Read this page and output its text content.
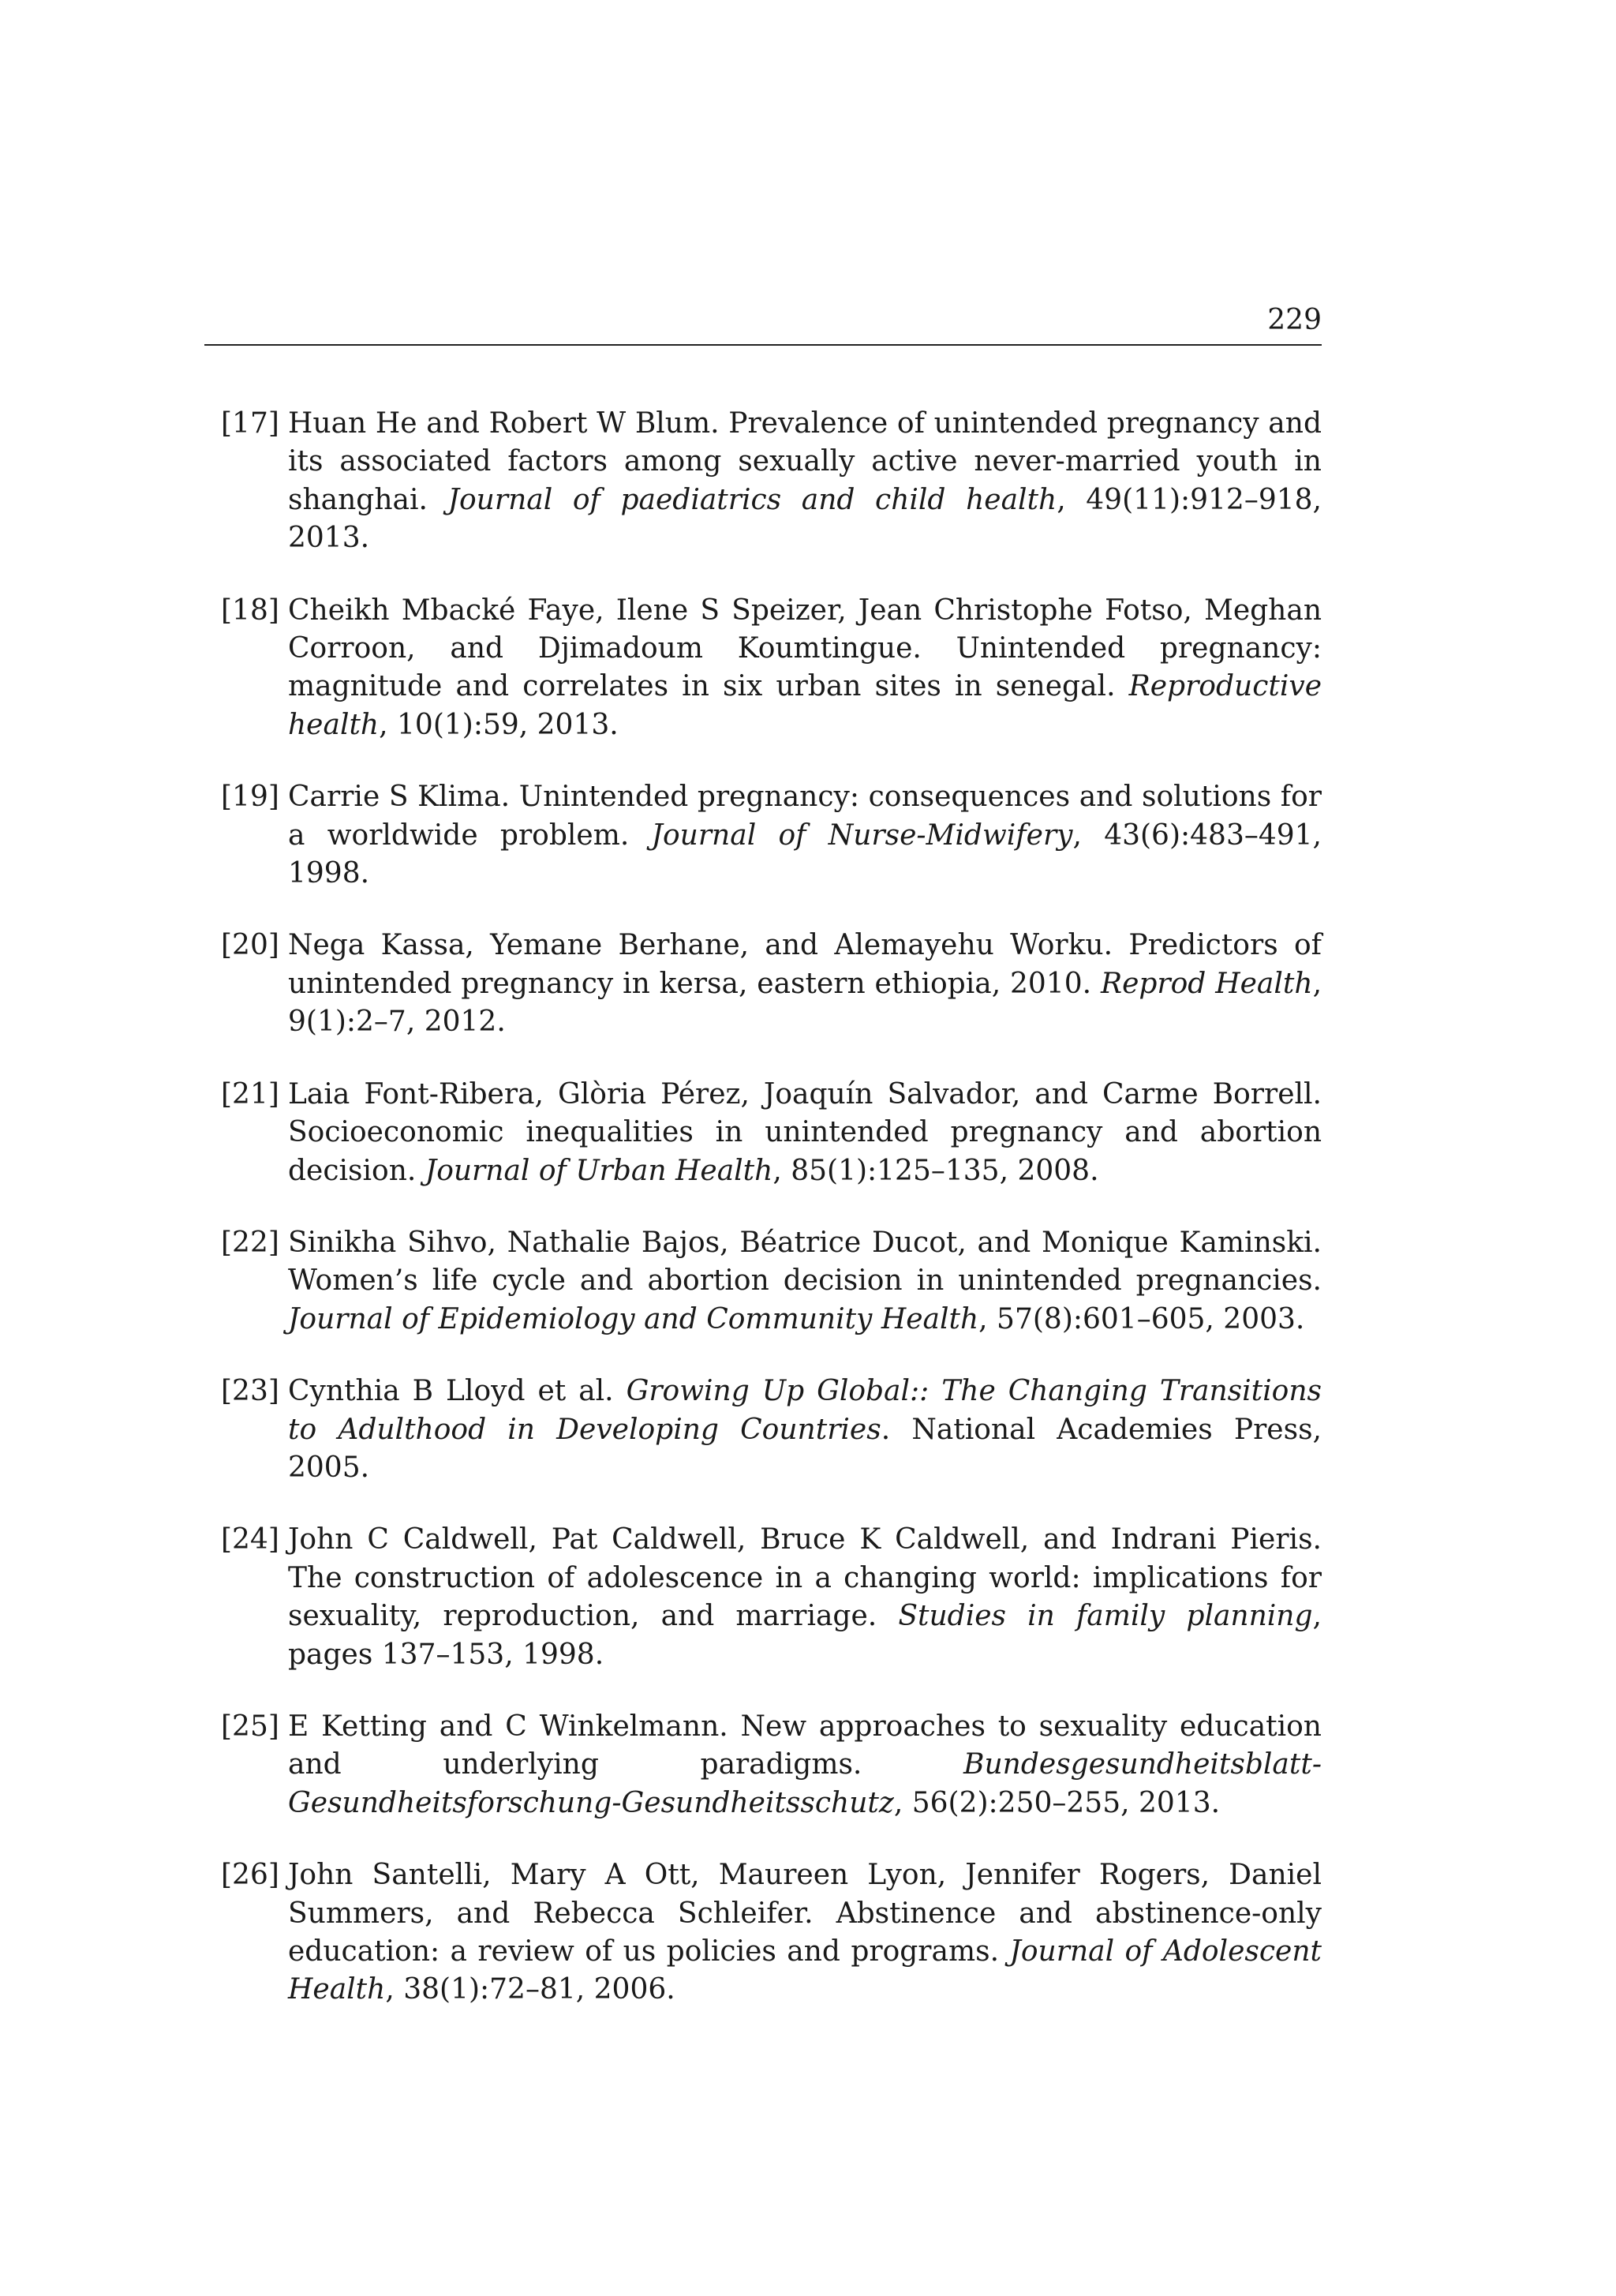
229
[17] Huan He and Robert W Blum. Prevalence of unintended pregnancy and its associated factors among sexually active never-married youth in shanghai. Journal of paediatrics and child health, 49(11):912–918, 2013.
[18] Cheikh Mbacké Faye, Ilene S Speizer, Jean Christophe Fotso, Meghan Corroon, and Djimadoum Koumtingue. Unintended pregnancy: magnitude and correlates in six urban sites in senegal. Reproductive health, 10(1):59, 2013.
[19] Carrie S Klima. Unintended pregnancy: consequences and solutions for a worldwide problem. Journal of Nurse-Midwifery, 43(6):483–491, 1998.
[20] Nega Kassa, Yemane Berhane, and Alemayehu Worku. Predictors of unintended pregnancy in kersa, eastern ethiopia, 2010. Reprod Health, 9(1):2–7, 2012.
[21] Laia Font-Ribera, Glòria Pérez, Joaquín Salvador, and Carme Borrell. Socioeconomic inequalities in unintended pregnancy and abortion decision. Journal of Urban Health, 85(1):125–135, 2008.
[22] Sinikha Sihvo, Nathalie Bajos, Béatrice Ducot, and Monique Kaminski. Women’s life cycle and abortion decision in unintended pregnancies. Journal of Epidemiology and Community Health, 57(8):601–605, 2003.
[23] Cynthia B Lloyd et al. Growing Up Global:: The Changing Transitions to Adulthood in Developing Countries. National Academies Press, 2005.
[24] John C Caldwell, Pat Caldwell, Bruce K Caldwell, and Indrani Pieris. The construction of adolescence in a changing world: implications for sexuality, reproduction, and marriage. Studies in family planning, pages 137–153, 1998.
[25] E Ketting and C Winkelmann. New approaches to sexuality education and underlying paradigms. Bundesgesundheitsblatt-Gesundheitsforschung-Gesundheitsschutz, 56(2):250–255, 2013.
[26] John Santelli, Mary A Ott, Maureen Lyon, Jennifer Rogers, Daniel Summers, and Rebecca Schleifer. Abstinence and abstinence-only education: a review of us policies and programs. Journal of Adolescent Health, 38(1):72–81, 2006.
